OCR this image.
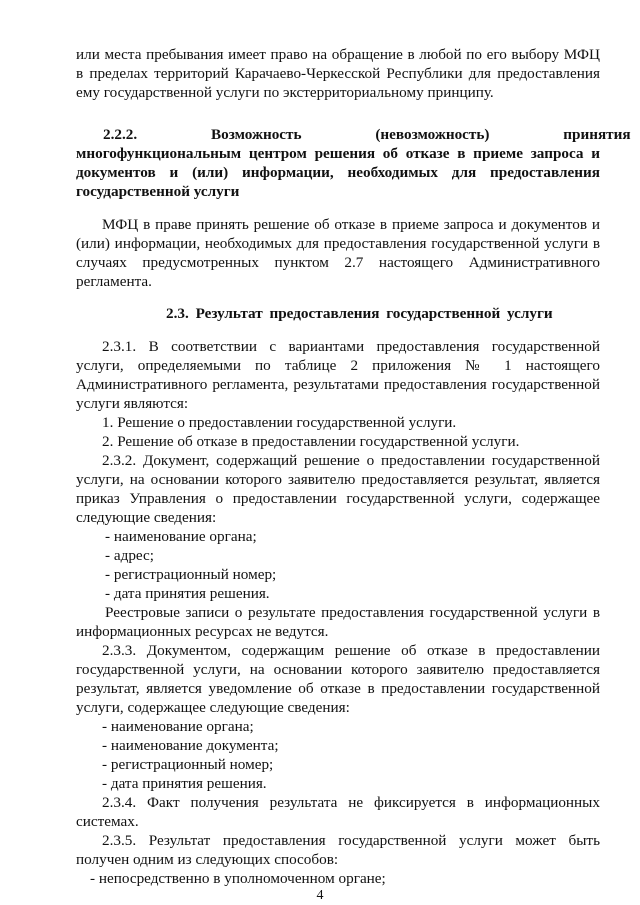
или места пребывания имеет право на обращение в любой по его выбору МФЦ
в пределах территорий Карачаево-Черкесской Республики для предоставления
ему государственной услуги по экстерриториальному принципу.
2.2.2. Возможность (невозможность) принятия
многофункциональным центром решения об отказе в приеме запроса и
документов и (или) информации, необходимых для предоставления
государственной услуги
МФЦ в праве принять решение об отказе в приеме запроса и документов и
(или) информации, необходимых для предоставления государственной услуги в
случаях предусмотренных пунктом 2.7 настоящего Административного
регламента.
2.3. Результат предоставления государственной услуги
2.3.1. В соответствии с вариантами предоставления государственной
услуги, определяемыми по таблице 2 приложения № 1 настоящего
Административного регламента, результатами предоставления государственной
услуги являются:
1. Решение о предоставлении государственной услуги.
2. Решение об отказе в предоставлении государственной услуги.
2.3.2. Документ, содержащий решение о предоставлении государственной
услуги, на основании которого заявителю предоставляется результат, является
приказ Управления о предоставлении государственной услуги, содержащее
следующие сведения:
- наименование органа;
- адрес;
- регистрационный номер;
- дата принятия решения.
Реестровые записи о результате предоставления государственной услуги в
информационных ресурсах не ведутся.
2.3.3. Документом, содержащим решение об отказе в предоставлении
государственной услуги, на основании которого заявителю предоставляется
результат, является уведомление об отказе в предоставлении государственной
услуги, содержащее следующие сведения:
- наименование органа;
- наименование документа;
- регистрационный номер;
- дата принятия решения.
2.3.4. Факт получения результата не фиксируется в информационных
системах.
2.3.5. Результат предоставления государственной услуги может быть
получен одним из следующих способов:
- непосредственно в уполномоченном органе;
4
